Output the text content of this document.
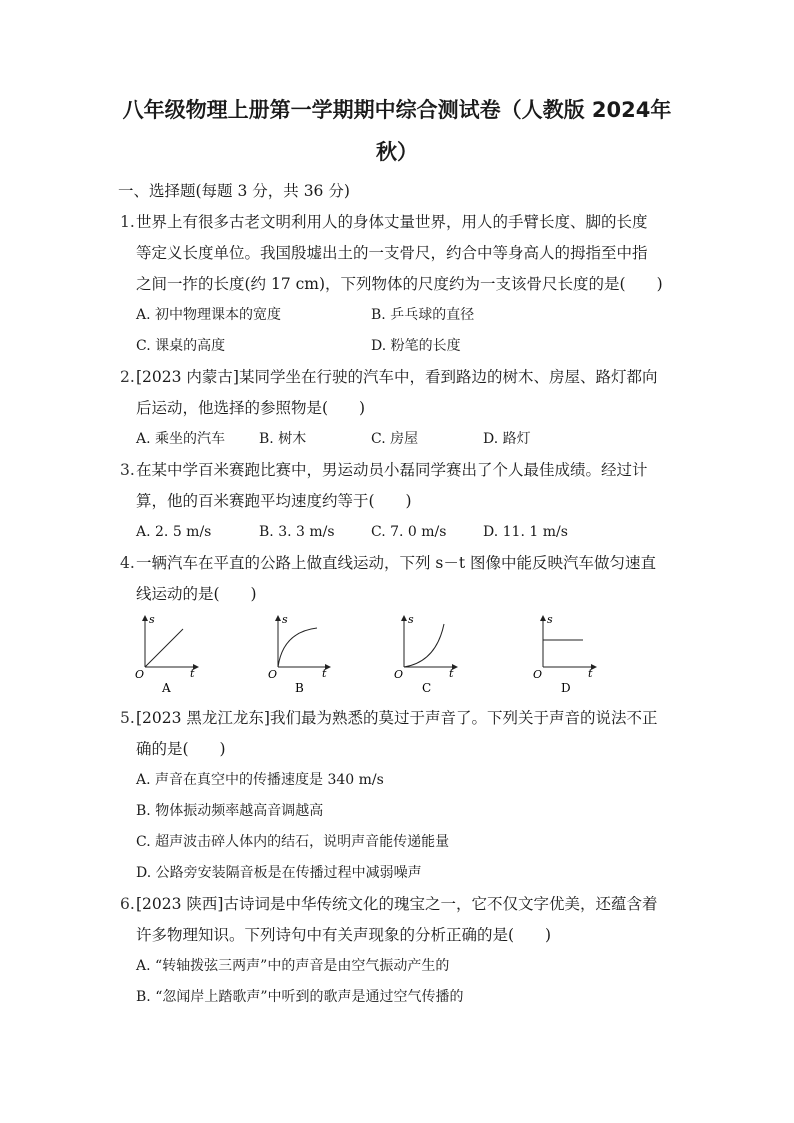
八年级物理上册第一学期期中综合测试卷（人教版 2024年
秋）
一、选择题(每题 3 分，共 36 分)
1. 世界上有很多古老文明利用人的身体丈量世界，用人的手臂长度、脚的长度
等定义长度单位。我国殷墟出土的一支骨尺，约合中等身高人的拇指至中指
之间一拃的长度(约 17 cm)，下列物体的尺度约为一支该骨尺长度的是(　　)
A. 初中物理课本的宽度	B. 乒乓球的直径
C. 课桌的高度	D. 粉笔的长度
2. [2023 内蒙古]某同学坐在行驶的汽车中，看到路边的树木、房屋、路灯都向
后运动，他选择的参照物是(　　)
A. 乘坐的汽车 B. 树木	C. 房屋	D. 路灯
3. 在某中学百米赛跑比赛中，男运动员小磊同学赛出了个人最佳成绩。经过计
算，他的百米赛跑平均速度约等于(　　)
A. 2. 5 m/s	B. 3. 3 m/s	C. 7. 0 m/s	D. 11. 1 m/s
4. 一辆汽车在平直的公路上做直线运动，下列 s－t 图像中能反映汽车做匀速直
线运动的是(　　)
s
t
O
A
s
t
O
B
s
t
O
C
s
t
O
D
5. [2023 黑龙江龙东]我们最为熟悉的莫过于声音了。下列关于声音的说法不正
确的是(　　)
A. 声音在真空中的传播速度是 340 m/s
B. 物体振动频率越高音调越高
C. 超声波击碎人体内的结石，说明声音能传递能量
D. 公路旁安装隔音板是在传播过程中减弱噪声
6. [2023 陕西]古诗词是中华传统文化的瑰宝之一，它不仅文字优美，还蕴含着
许多物理知识。下列诗句中有关声现象的分析正确的是(　　)
A. “转轴拨弦三两声”中的声音是由空气振动产生的
B. “忽闻岸上踏歌声”中听到的歌声是通过空气传播的
